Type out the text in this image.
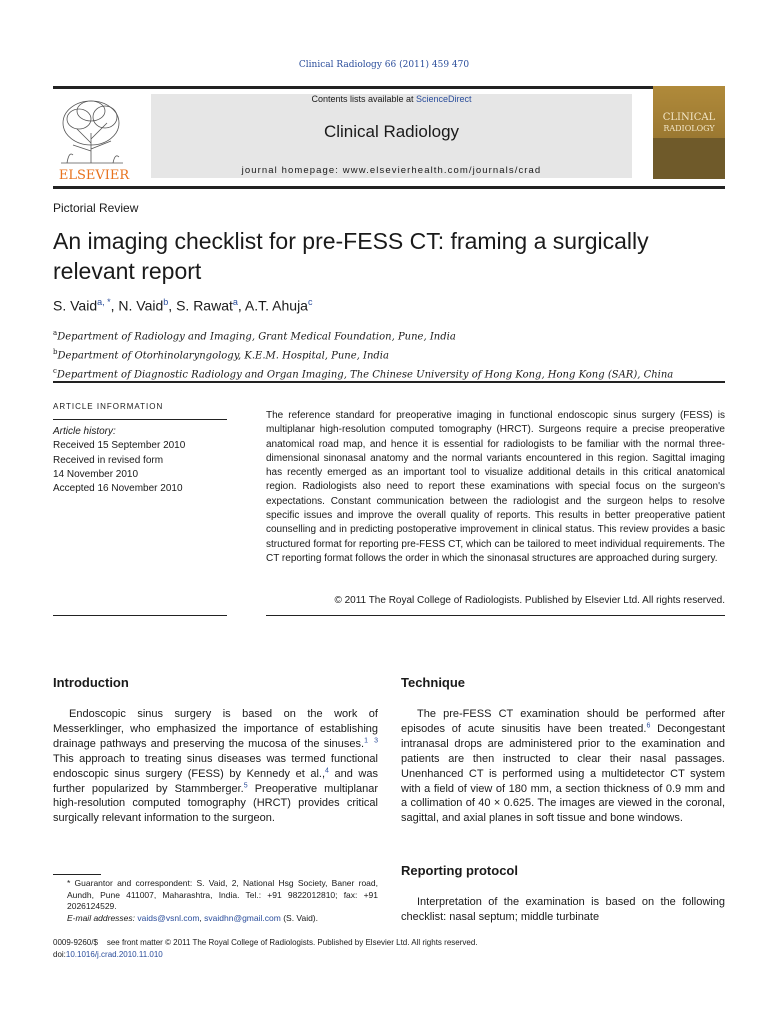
Clinical Radiology 66 (2011) 459 470
ELSEVIER
Contents lists available at ScienceDirect
Clinical Radiology
journal homepage: www.elsevierhealth.com/journals/crad
CLINICAL
RADIOLOGY
Pictorial Review
An imaging checklist for pre-FESS CT: framing a surgically relevant report
S. Vaid$^{a, *}$, N. Vaid$^b$, S. Rawat$^a$, A.T. Ahuja$^c$
$^a$Department of Radiology and Imaging, Grant Medical Foundation, Pune, India
$^b$Department of Otorhinolaryngology, K.E.M. Hospital, Pune, India
$^c$Department of Diagnostic Radiology and Organ Imaging, The Chinese University of Hong Kong, Hong Kong (SAR), China
ARTICLE INFORMATION
Article history:
Received 15 September 2010
Received in revised form
14 November 2010
Accepted 16 November 2010
The reference standard for preoperative imaging in functional endoscopic sinus surgery (FESS) is multiplanar high-resolution computed tomography (HRCT). Surgeons require a precise preoperative anatomical road map, and hence it is essential for radiologists to be familiar with the normal three-dimensional sinonasal anatomy and the normal variants encountered in this region. Sagittal imaging has recently emerged as an important tool to visualize additional details in this critical anatomical region. Radiologists also need to report these examinations with special focus on the surgeon's expectations. Constant communication between the radiologist and the surgeon helps to resolve specific issues and improve the overall quality of reports. This results in better preoperative patient counselling and in predicting postoperative improvement in clinical status. This review provides a basic structured format for reporting pre-FESS CT, which can be tailored to meet individual requirements. The CT reporting format follows the order in which the sinonasal structures are approached during surgery.
© 2011 The Royal College of Radiologists. Published by Elsevier Ltd. All rights reserved.
Introduction
Endoscopic sinus surgery is based on the work of Messerklinger, who emphasized the importance of establishing drainage pathways and preserving the mucosa of the sinuses.$^{1 3}$ This approach to treating sinus diseases was termed functional endoscopic sinus surgery (FESS) by Kennedy et al.,$^4$ and was further popularized by Stammberger.$^5$ Preoperative multiplanar high-resolution computed tomography (HRCT) provides critical surgically relevant information to the surgeon.
* Guarantor and correspondent: S. Vaid, 2, National Hsg Society, Baner road, Aundh, Pune 411007, Maharashtra, India. Tel.: +91 9822012810; fax: +91 2026124529.
E-mail addresses: vaids@vsnl.com, svaidhn@gmail.com (S. Vaid).
Technique
The pre-FESS CT examination should be performed after episodes of acute sinusitis have been treated.$^6$ Decongestant intranasal drops are administered prior to the examination and patients are then instructed to clear their nasal passages. Unenhanced CT is performed using a multidetector CT system with a field of view of 180 mm, a section thickness of 0.9 mm and a collimation of 40 × 0.625. The images are viewed in the coronal, sagittal, and axial planes in soft tissue and bone windows.
Reporting protocol
Interpretation of the examination is based on the following checklist: nasal septum; middle turbinate
0009-9260/$    see front matter © 2011 The Royal College of Radiologists. Published by Elsevier Ltd. All rights reserved.
doi:10.1016/j.crad.2010.11.010
